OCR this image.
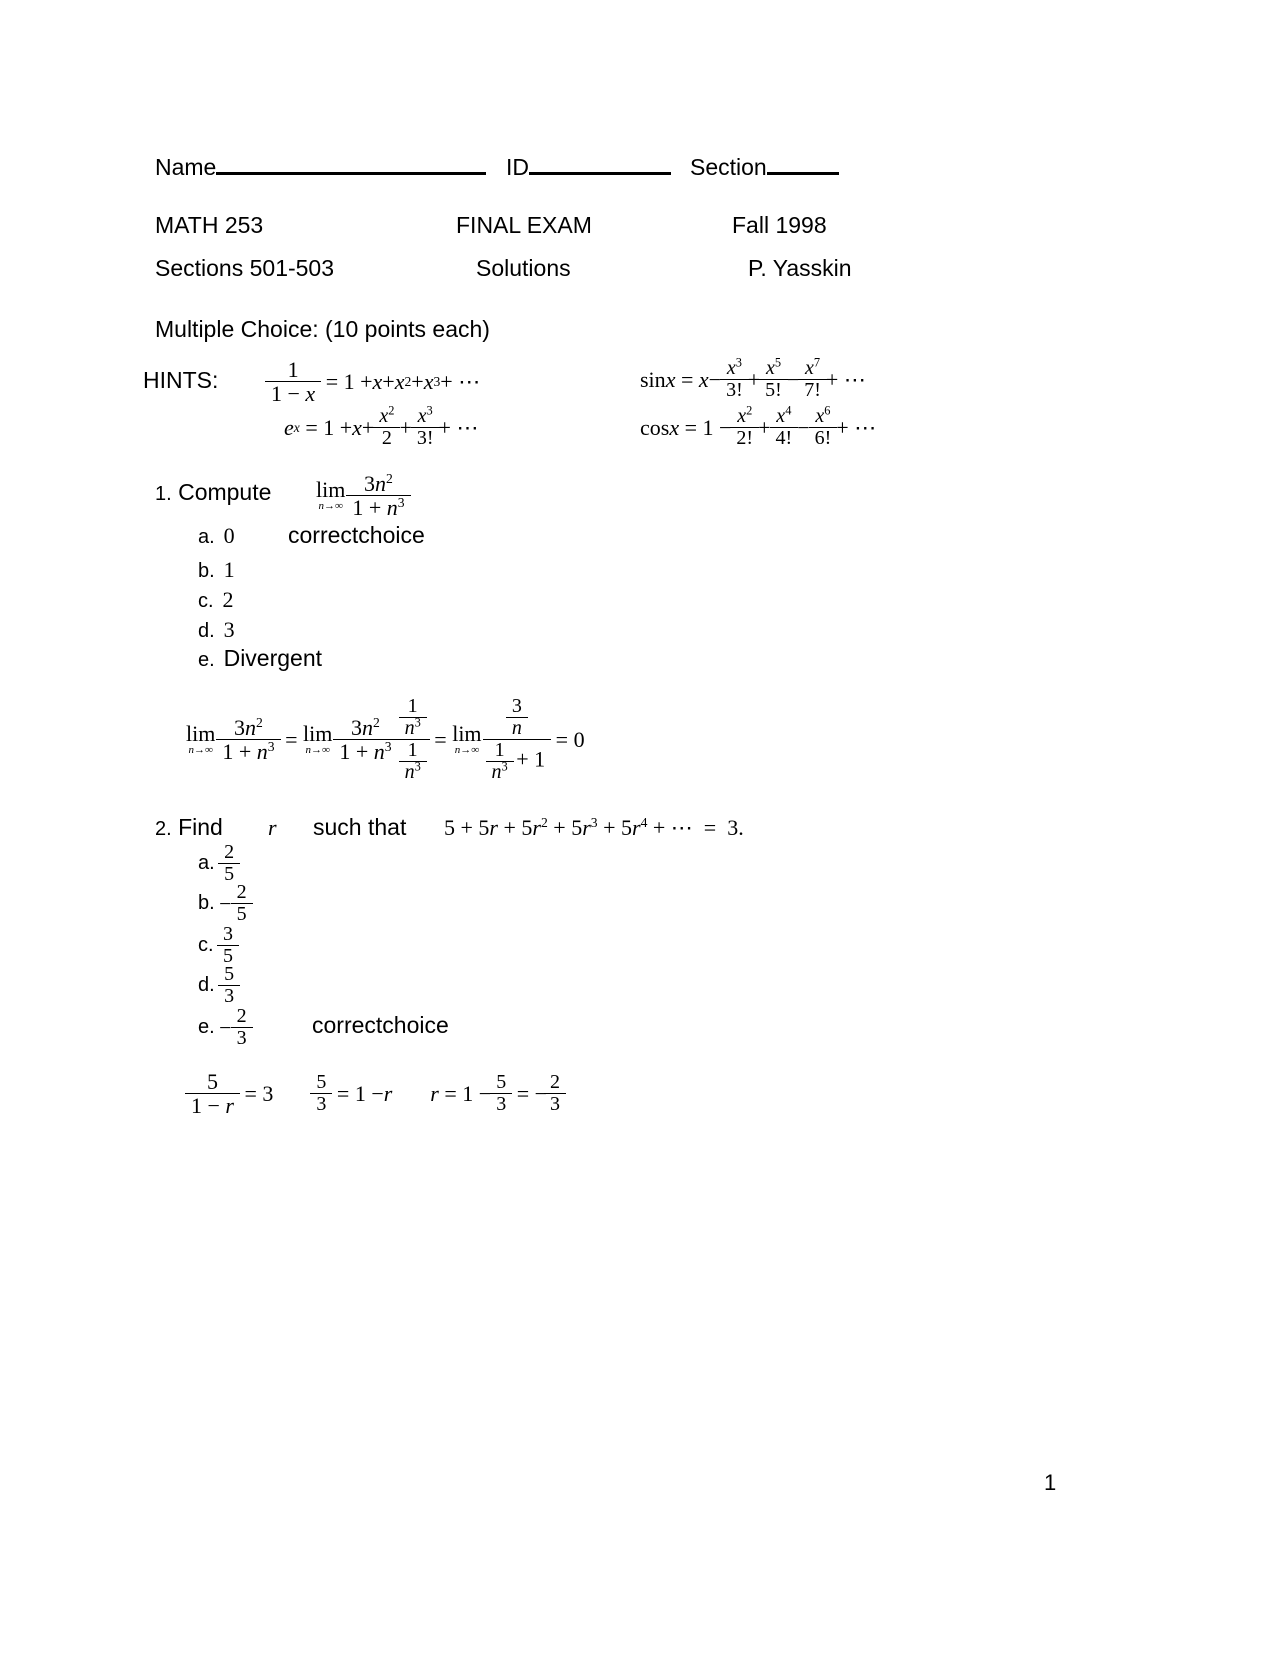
Name	ID	Section
MATH 253	FINAL EXAM	Fall 1998
Sections 501-503	Solutions	P. Yasskin
Multiple Choice: (10 points each)
HINTS:	1
1 − x = 1 + x + x 2 + x 3 + ⋯
e $x = 1 + x + x^2$
$2 + x^3$
3! + ⋯
$\sin x = x - x^3$
3! + $x^5$
5! − $x^7$
7! + ⋯
$\cos x = 1 - x^2$
2! + $x^4$
4! − $x^6$
6! + ⋯
1. Compute lim
n→∞
$3n^2$
$1 + n^3$
a. 0 correctchoice
b. 1
c. 2
d. 3
e. Divergent
lim
n→∞
$3n^2$
$1 + n^3 = \lim$
n→∞
$3n^2$
$1 + n^3$
$\frac{1}{n^3}$
$\frac{1}{n^3}$
= lim
n→∞
$\frac{3}{n}$
$\frac{1}{n^3} + 1$
= 0
2. Find r such that $5 + 5r + 5r^2 + 5r^3 + 5r^4$ + ⋯  =  3.
a .
2
5
b .
− $\frac{2}{5}$
c .
3
5
d .
5
3
e .
− $\frac{2}{3}$	correctchoice
5
1 − r = 3 5
3 = 1 − r r = 1 − 5
3 = − 2
3
1
